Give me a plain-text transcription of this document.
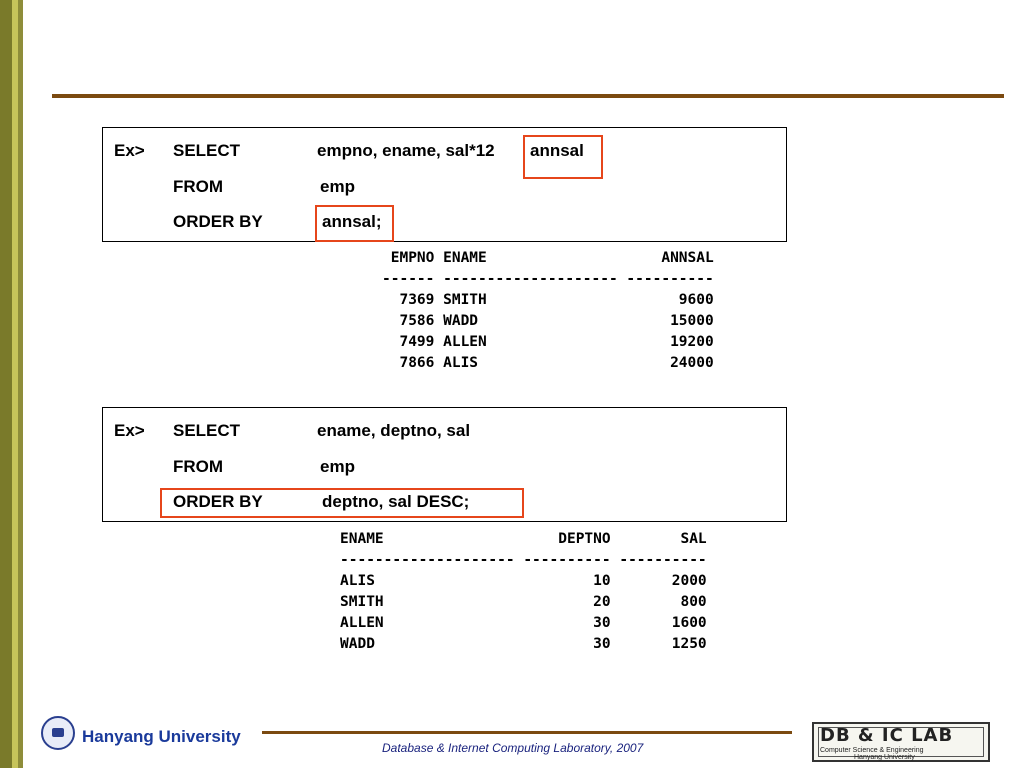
Ex> SELECT	empno, ename, sal*12 annsal
FROM	emp
ORDER BY	annsal;
EMPNO ENAME                    ANNSAL
------ -------------------- ----------
7369 SMITH                      9600
7586 WADD                      15000
7499 ALLEN                     19200
7866 ALIS                      24000
Ex> SELECT	ename, deptno, sal
FROM	emp
ORDER BY	deptno, sal DESC;
ENAME                    DEPTNO        SAL
-------------------- ---------- ----------
ALIS                         10       2000
SMITH                        20        800
ALLEN                        30       1600
WADD                         30       1250
Hanyang University
Database & Internet Computing Laboratory, 2007
DB & IC LAB
Computer Science & Engineering
Hanyang University
